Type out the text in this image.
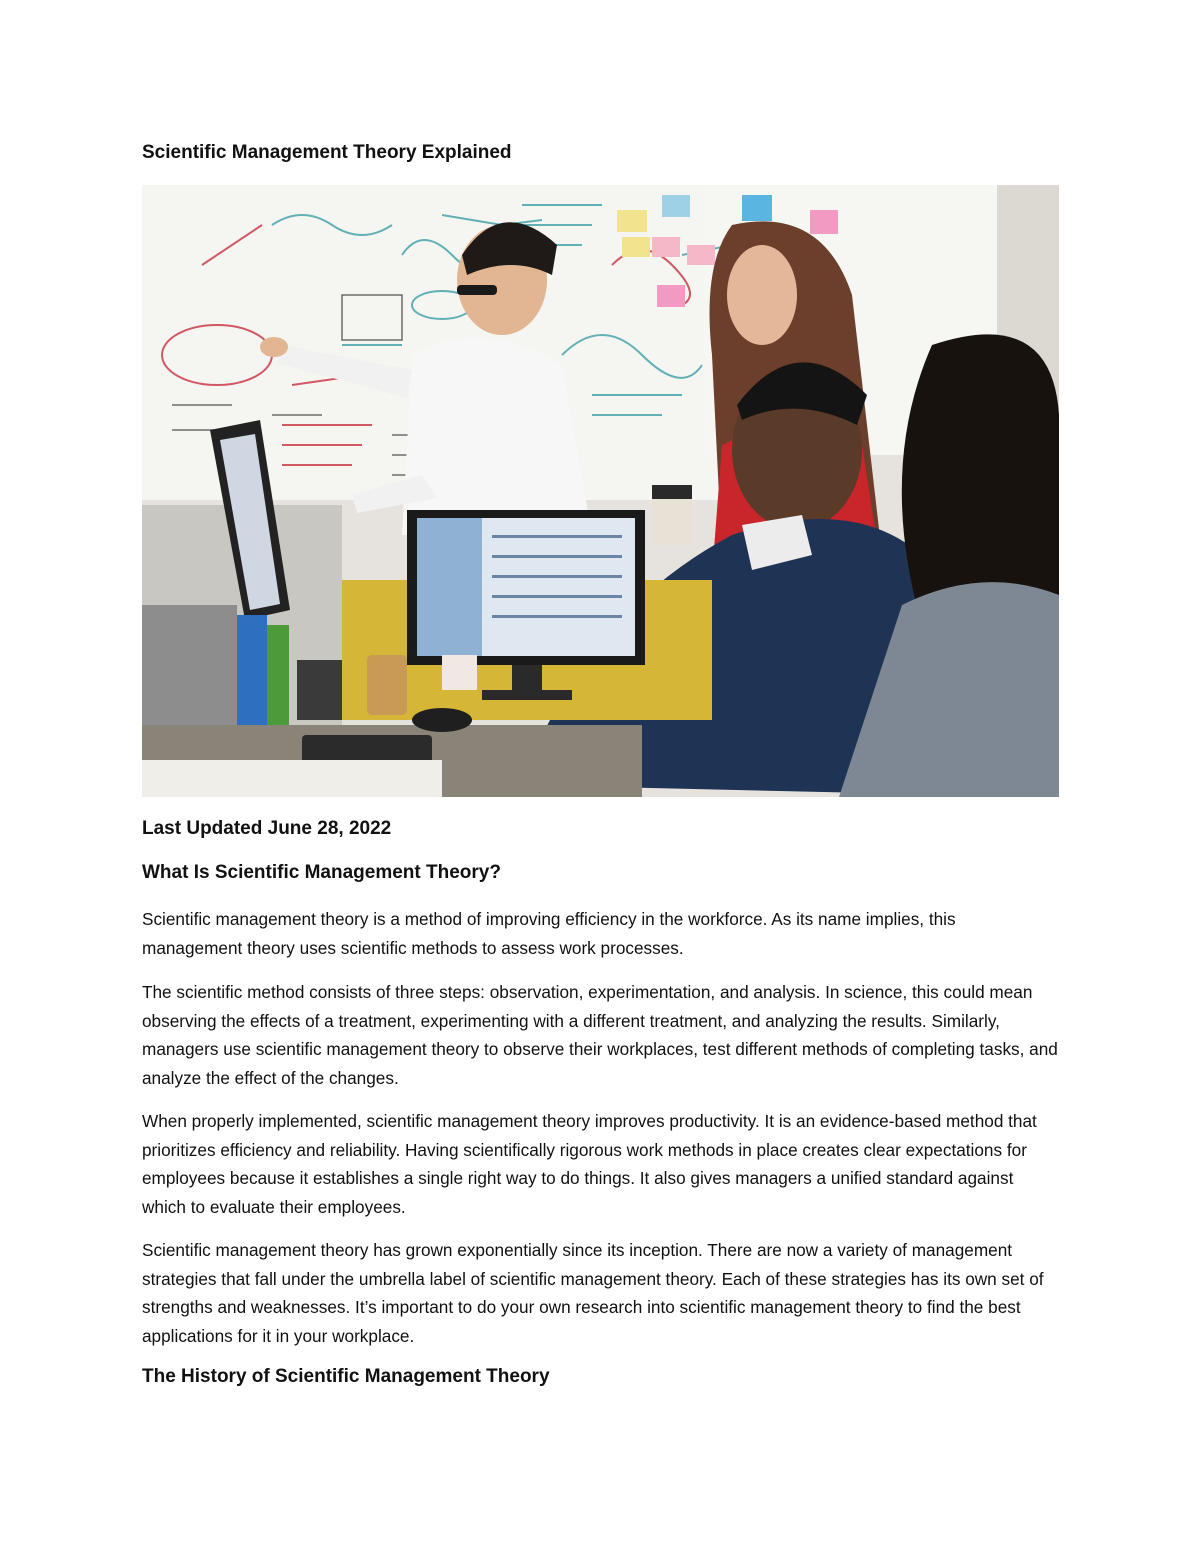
Scientific Management Theory Explained
Last Updated June 28, 2022
What Is Scientific Management Theory?

Scientific management theory is a method of improving efficiency in the workforce. As its name implies, this management theory uses scientific methods to assess work processes.

The scientific method consists of three steps: observation, experimentation, and analysis. In science, this could mean observing the effects of a treatment, experimenting with a different treatment, and analyzing the results. Similarly, managers use scientific management theory to observe their workplaces, test different methods of completing tasks, and analyze the effect of the changes.

When properly implemented, scientific management theory improves productivity. It is an evidence-based method that prioritizes efficiency and reliability. Having scientifically rigorous work methods in place creates clear expectations for employees because it establishes a single right way to do things. It also gives managers a unified standard against which to evaluate their employees.

Scientific management theory has grown exponentially since its inception. There are now a variety of management strategies that fall under the umbrella label of scientific management theory. Each of these strategies has its own set of strengths and weaknesses. It’s important to do your own research into scientific management theory to find the best applications for it in your workplace.

The History of Scientific Management Theory
